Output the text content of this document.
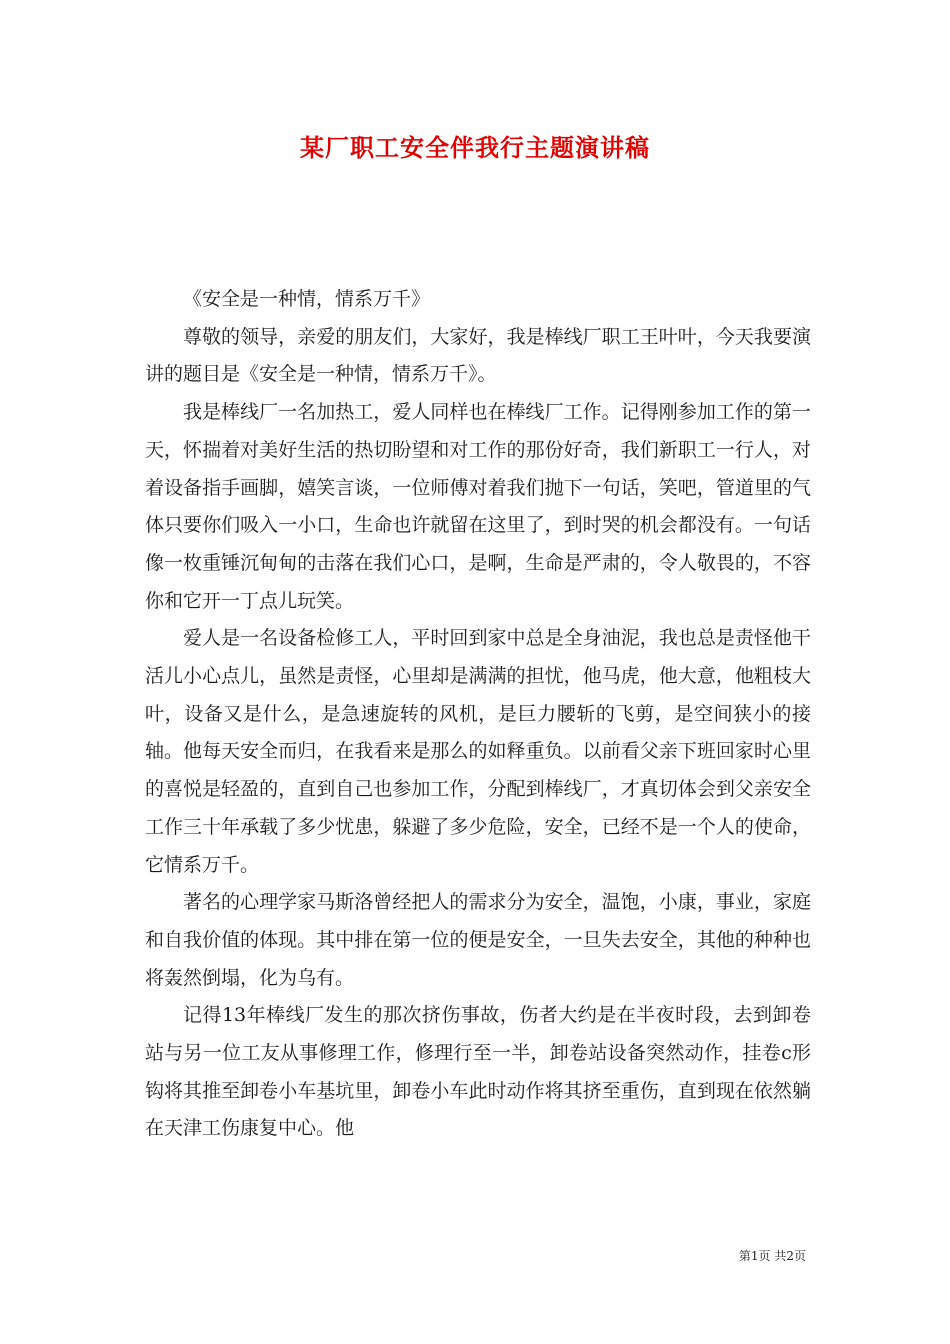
某厂职工安全伴我行主题演讲稿

《安全是一种情，情系万千》

尊敬的领导，亲爱的朋友们，大家好，我是棒线厂职工王叶叶，今天我要演讲的题目是《安全是一种情，情系万千》。

我是棒线厂一名加热工，爱人同样也在棒线厂工作。记得刚参加工作的第一天，怀揣着对美好生活的热切盼望和对工作的那份好奇，我们新职工一行人，对着设备指手画脚，嬉笑言谈，一位师傅对着我们抛下一句话，笑吧，管道里的气体只要你们吸入一小口，生命也许就留在这里了，到时哭的机会都没有。一句话像一枚重锤沉甸甸的击落在我们心口，是啊，生命是严肃的，令人敬畏的，不容你和它开一丁点儿玩笑。

爱人是一名设备检修工人，平时回到家中总是全身油泥，我也总是责怪他干活儿小心点儿，虽然是责怪，心里却是满满的担忧，他马虎，他大意，他粗枝大叶，设备又是什么，是急速旋转的风机，是巨力腰斩的飞剪，是空间狭小的接轴。他每天安全而归，在我看来是那么的如释重负。以前看父亲下班回家时心里的喜悦是轻盈的，直到自己也参加工作，分配到棒线厂，才真切体会到父亲安全工作三十年承载了多少忧患，躲避了多少危险，安全，已经不是一个人的使命，它情系万千。

著名的心理学家马斯洛曾经把人的需求分为安全，温饱，小康，事业，家庭和自我价值的体现。其中排在第一位的便是安全，一旦失去安全，其他的种种也将轰然倒塌，化为乌有。

记得13年棒线厂发生的那次挤伤事故，伤者大约是在半夜时段，去到卸卷站与另一位工友从事修理工作，修理行至一半，卸卷站设备突然动作，挂卷c形钩将其推至卸卷小车基坑里，卸卷小车此时动作将其挤至重伤，直到现在依然躺在天津工伤康复中心。他

第1页 共2页
